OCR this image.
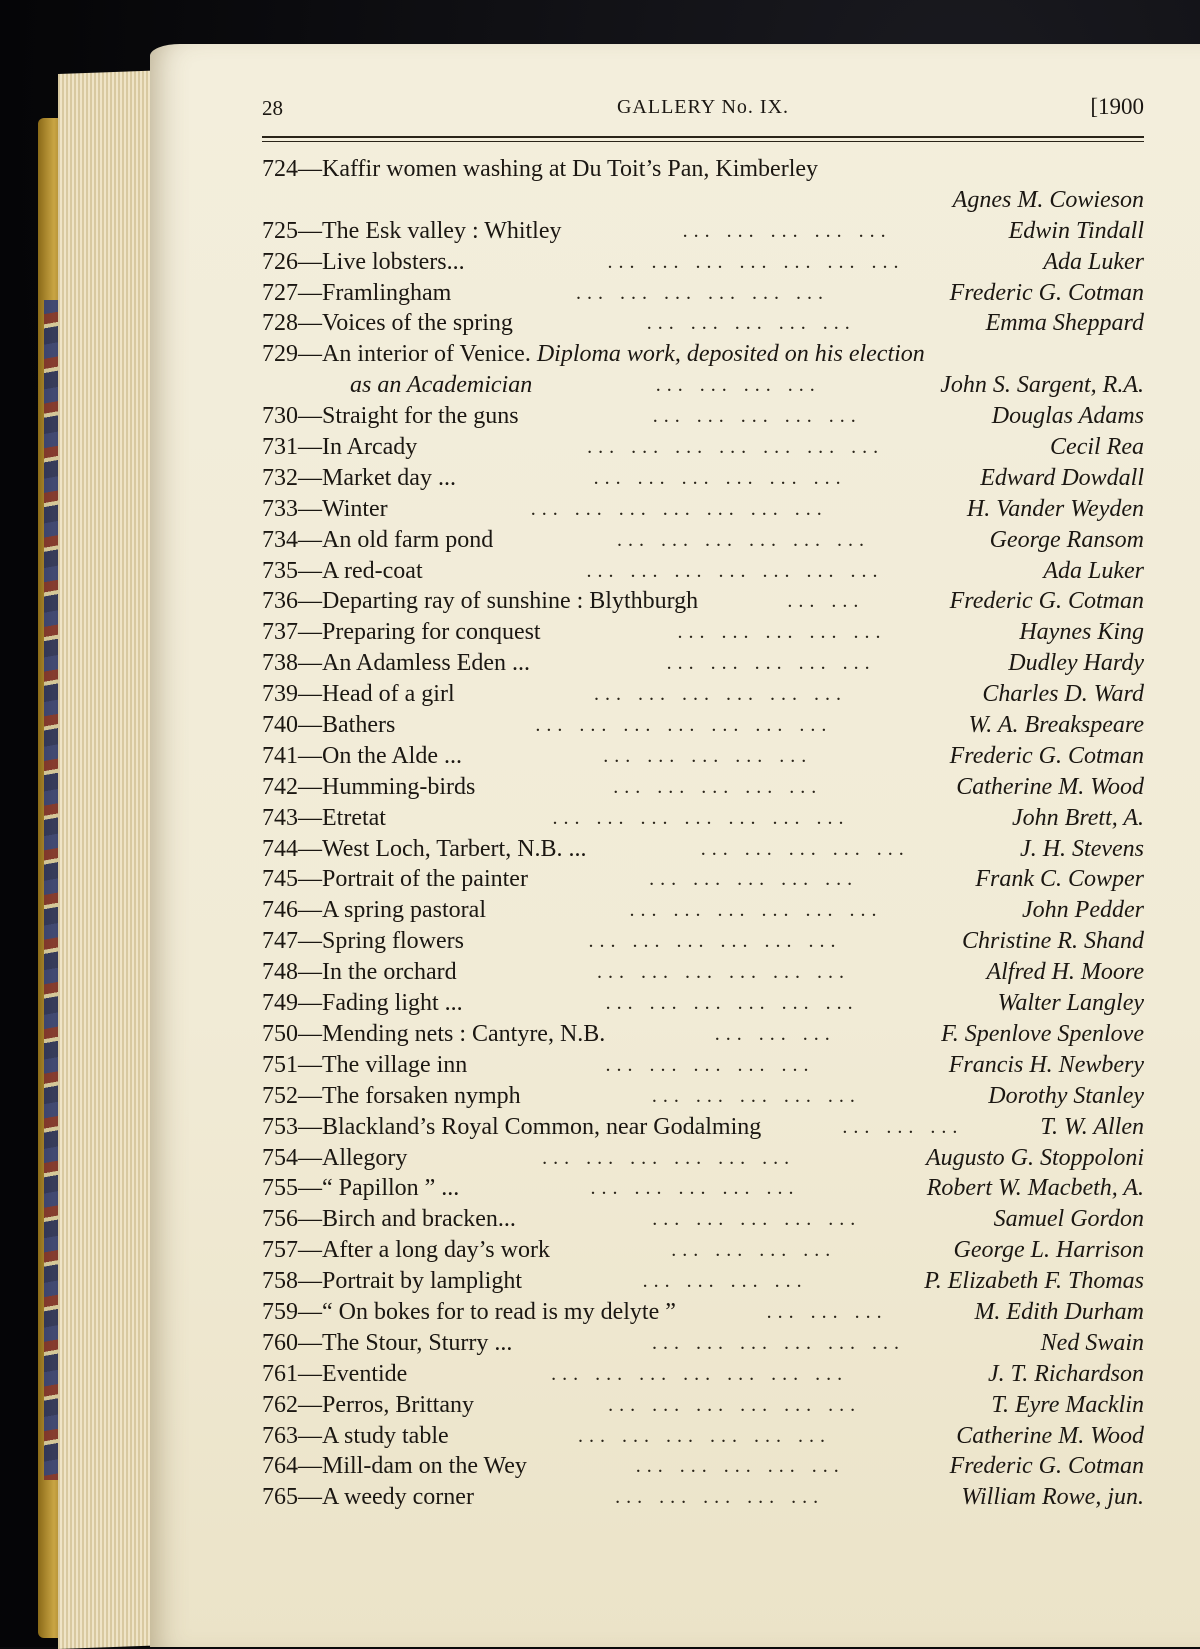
28	GALLERY No. IX.	[1900
724—Kaffir women washing at Du Toit’s Pan, Kimberley
Agnes M. Cowieson
725—The Esk valley : Whitley	Edwin Tindall
... ... ... ... ...
726—Live lobsters...	Ada Luker
... ... ... ... ... ... ...
727—Framlingham	Frederic G. Cotman
... ... ... ... ... ...
728—Voices of the spring	Emma Sheppard
... ... ... ... ...
729—An interior of Venice. Diploma work, deposited on his election
as an Academician	John S. Sargent, R.A.
... ... ... ...
730—Straight for the guns	Douglas Adams
... ... ... ... ...
731—In Arcady	Cecil Rea
... ... ... ... ... ... ...
732—Market day ...	Edward Dowdall
... ... ... ... ... ...
733—Winter	H. Vander Weyden
... ... ... ... ... ... ...
734—An old farm pond	George Ransom
... ... ... ... ... ...
735—A red-coat	Ada Luker
... ... ... ... ... ... ...
736—Departing ray of sunshine : Blythburgh	Frederic G. Cotman
... ...
737—Preparing for conquest	Haynes King
... ... ... ... ...
738—An Adamless Eden ...	Dudley Hardy
... ... ... ... ...
739—Head of a girl	Charles D. Ward
... ... ... ... ... ...
740—Bathers	W. A. Breakspeare
... ... ... ... ... ... ...
741—On the Alde ...	Frederic G. Cotman
... ... ... ... ...
742—Humming-birds	Catherine M. Wood
... ... ... ... ...
743—Etretat	John Brett, A.
... ... ... ... ... ... ...
744—West Loch, Tarbert, N.B. ...	J. H. Stevens
... ... ... ... ...
745—Portrait of the painter	Frank C. Cowper
... ... ... ... ...
746—A spring pastoral	John Pedder
... ... ... ... ... ...
747—Spring flowers	Christine R. Shand
... ... ... ... ... ...
748—In the orchard	Alfred H. Moore
... ... ... ... ... ...
749—Fading light ...	Walter Langley
... ... ... ... ... ...
750—Mending nets : Cantyre, N.B.	F. Spenlove Spenlove
... ... ...
751—The village inn	Francis H. Newbery
... ... ... ... ...
752—The forsaken nymph	Dorothy Stanley
... ... ... ... ...
753—Blackland’s Royal Common, near Godalming	T. W. Allen
... ... ...
754—Allegory	Augusto G. Stoppoloni
... ... ... ... ... ...
755—“ Papillon ” ...	Robert W. Macbeth, A.
... ... ... ... ...
756—Birch and bracken...	Samuel Gordon
... ... ... ... ...
757—After a long day’s work	George L. Harrison
... ... ... ...
758—Portrait by lamplight	P. Elizabeth F. Thomas
... ... ... ...
759—“ On bokes for to read is my delyte ”	M. Edith Durham
... ... ...
760—The Stour, Sturry ...	Ned Swain
... ... ... ... ... ...
761—Eventide	J. T. Richardson
... ... ... ... ... ... ...
762—Perros, Brittany	T. Eyre Macklin
... ... ... ... ... ...
763—A study table	Catherine M. Wood
... ... ... ... ... ...
764—Mill-dam on the Wey	Frederic G. Cotman
... ... ... ... ...
765—A weedy corner	William Rowe, jun.
... ... ... ... ...
